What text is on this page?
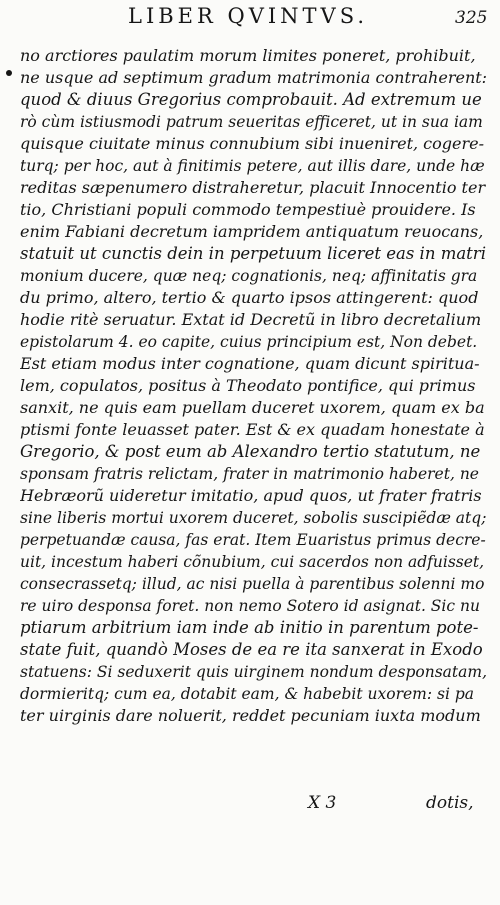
LIBER QVINTVS.	325
no arctiores paulatim morum limites poneret, prohibuit,
ne usque ad septimum gradum matrimonia contraherent:
quod & diuus Gregorius comprobauit. Ad extremum ue
rò cùm istiusmodi patrum seueritas efficeret, ut in sua iam
quisque ciuitate minus connubium sibi inueniret, cogere-
turq; per hoc, aut à finitimis petere, aut illis dare, unde hæ
reditas sæpenumero distraheretur, placuit Innocentio ter
tio, Christiani populi commodo tempestiuè prouidere. Is
enim Fabiani decretum iampridem antiquatum reuocans,
statuit ut cunctis dein in perpetuum liceret eas in matri
monium ducere, quæ neq; cognationis, neq; affinitatis gra
du primo, altero, tertio & quarto ipsos attingerent: quod
hodie ritè seruatur. Extat id Decretũ in libro decretalium
epistolarum 4. eo capite, cuius principium est, Non debet.
Est etiam modus inter cognatione, quam dicunt spiritua-
lem, copulatos, positus à Theodato pontifice, qui primus
sanxit, ne quis eam puellam duceret uxorem, quam ex ba
ptismi fonte leuasset pater. Est & ex quadam honestate à
Gregorio, & post eum ab Alexandro tertio statutum, ne
sponsam fratris relictam, frater in matrimonio haberet, ne
Hebræorũ uideretur imitatio, apud quos, ut frater fratris
sine liberis mortui uxorem duceret, sobolis suscipiẽdæ atq;
perpetuandæ causa, fas erat. Item Euaristus primus decre-
uit, incestum haberi cõnubium, cui sacerdos non adfuisset,
consecrassetq; illud, ac nisi puella à parentibus solenni mo
re uiro desponsa foret. non nemo Sotero id asignat. Sic nu
ptiarum arbitrium iam inde ab initio in parentum pote-
state fuit, quandò Moses de ea re ita sanxerat in Exodo
statuens: Si seduxerit quis uirginem nondum desponsatam,
dormieritq; cum ea, dotabit eam, & habebit uxorem: si pa
ter uirginis dare noluerit, reddet pecuniam iuxta modum
X 3	dotis,
